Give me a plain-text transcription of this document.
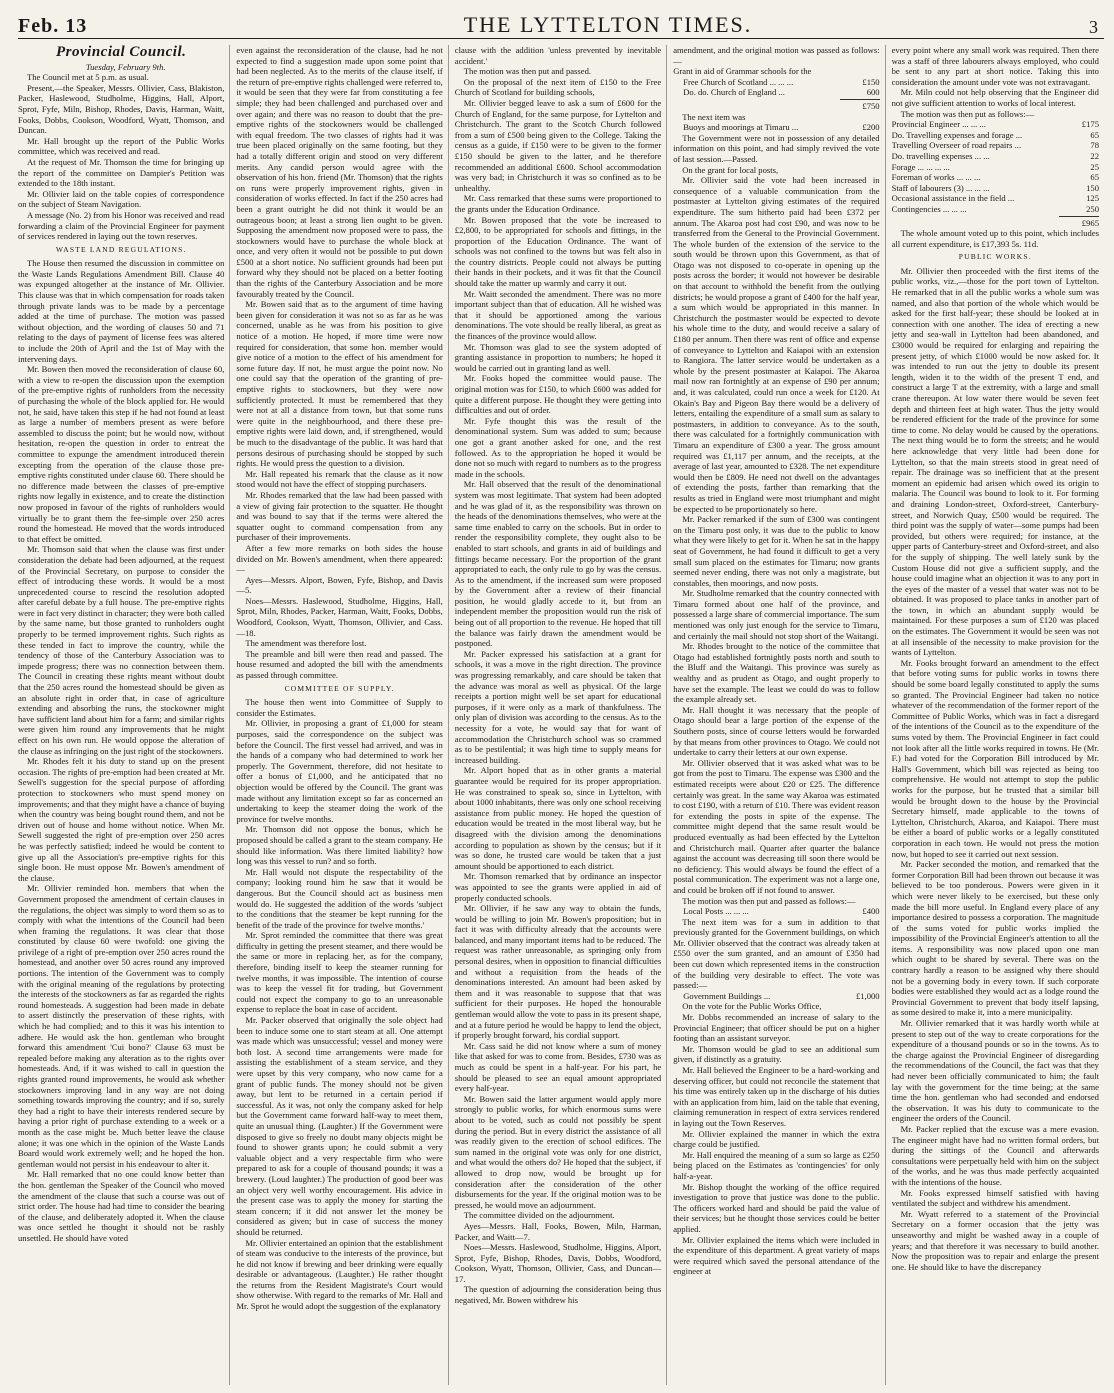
Feb. 13	THE LYTTELTON TIMES.	3
Provincial Council.

Tuesday, February 9th.

The Council met at 5 p.m. as usual.

Present,—the Speaker, Messrs. Ollivier, Cass, Blakiston, Packer, Haslewood, Studholme, Higgins, Hall, Alport, Sprot, Fyfe, Miln, Bishop, Rhodes, Davis, Harman, Waitt, Fooks, Dobbs, Cookson, Woodford, Wyatt, Thomson, and Duncan.

Mr. Hall brought up the report of the Public Works committee, which was received and read.

At the request of Mr. Thomson the time for bringing up the report of the committee on Dampier's Petition was extended to the 18th instant.

Mr. Ollivier laid on the table copies of correspondence on the subject of Steam Navigation.

A message (No. 2) from his Honor was received and read forwarding a claim of the Provincial Engineer for payment of services rendered in laying out the town reserves.

WASTE LAND REGULATIONS.

The House then resumed the discussion in committee on the Waste Lands Regulations Amendment Bill. Clause 40 was expunged altogether at the instance of Mr. Ollivier. This clause was that in which compensation for roads taken through private lands was to be made by a percentage added at the time of purchase. The motion was passed without objection, and the wording of clauses 50 and 71 relating to the days of payment of license fees was altered to include the 20th of April and the 1st of May with the intervening days.

Mr. Bowen then moved the reconsideration of clause 60, with a view to re-open the discussion upon the exemption of the pre-emptive rights of runholders from the necessity of purchasing the whole of the block applied for. He would not, he said, have taken this step if he had not found at least as large a number of members present as were before assembled to discuss the point; but he would now, without hesitation, re-open the question in order to entreat the committee to expunge the amendment introduced therein excepting from the operation of the clause those pre-emptive rights constituted under clause 60. There should be no difference made between the classes of pre-emptive rights now legally in existence, and to create the distinction now proposed in favour of the rights of runholders would virtually be to grant them the fee-simple over 250 acres round the homestead. He moved that the words introduced to that effect be omitted.

Mr. Thomson said that when the clause was first under consideration the debate had been adjourned, at the request of the Provincial Secretary, on purpose to consider the effect of introducing these words. It would be a most unprecedented course to rescind the resolution adopted after careful debate by a full house. The pre-emptive rights were in fact very distinct in character; they were both called by the same name, but those granted to runholders ought properly to be termed improvement rights. Such rights as these tended in fact to improve the country, while the tendency of those of the Canterbury Association was to impede progress; there was no connection between them. The Council in creating these rights meant without doubt that the 250 acres round the homestead should be given as an absolute right in order that, in case of agriculture extending and absorbing the runs, the stockowner might have sufficient land about him for a farm; and similar rights were given him round any improvements that he might effect on his own run. He would oppose the alteration of the clause as infringing on the just right of the stockowners.

Mr. Rhodes felt it his duty to stand up on the present occasion. The rights of pre-emption had been created at Mr. Sewell's suggestion for the special purpose of affording protection to stockowners who must spend money on improvements; and that they might have a chance of buying when the country was being bought round them, and not be driven out of house and home without notice. When Mr. Sewell suggested the right of pre-emption over 250 acres he was perfectly satisfied; indeed he would be content to give up all the Association's pre-emptive rights for this single boon. He must oppose Mr. Bowen's amendment of the clause.

Mr. Ollivier reminded hon. members that when the Government proposed the amendment of certain clauses in the regulations, the object was simply to word them so as to comply with what the intentions of the Council had been when framing the regulations. It was clear that those constituted by clause 60 were twofold: one giving the privilege of a right of pre-emption over 250 acres round the homestead, and another over 50 acres round any improved portions. The intention of the Government was to comply with the original meaning of the regulations by protecting the interests of the stockowners as far as regarded the rights round homesteads. A suggestion had been made in debate to assert distinctly the preservation of these rights, with which he had complied; and to this it was his intention to adhere. He would ask the hon. gentleman who brought forward this amendment 'Cui bono?' Clause 63 must be repealed before making any alteration as to the rights over homesteads. And, if it was wished to call in question the rights granted round improvements, he would ask whether stockowners improving land in any way are not doing something towards improving the country; and if so, surely they had a right to have their interests rendered secure by having a prior right of purchase extending to a week or a month as the case might be. Much better leave the clause alone; it was one which in the opinion of the Waste Lands Board would work extremely well; and he hoped the hon. gentleman would not persist in his endeavour to alter it.

Mr. Hall remarked that no one could know better than the hon. gentleman the Speaker of the Council who moved the amendment of the clause that such a course was out of strict order. The house had had time to consider the bearing of the clause, and deliberately adopted it. When the clause was once settled he thought it should not be rashly unsettled. He should have voted

even against the reconsideration of the clause, had he not expected to find a suggestion made upon some point that had been neglected. As to the merits of the clause itself, if the return of pre-emptive rights challenged were referred to, it would be seen that they were far from constituting a fee simple; they had been challenged and purchased over and over again; and there was no reason to doubt that the pre-emptive rights of the stockowners would be challenged with equal freedom. The two classes of rights had it was true been placed originally on the same footing, but they had a totally different origin and stood on very different merits. Any candid person would agree with the observation of his hon. friend (Mr. Thomson) that the rights on runs were properly improvement rights, given in consideration of works effected. In fact if the 250 acres had been a grant outright he did not think it would be an outrageous boon; at least a strong lien ought to be given. Supposing the amendment now proposed were to pass, the stockowners would have to purchase the whole block at once, and very often it would not be possible to put down £500 at a short notice. No sufficient grounds had been put forward why they should not be placed on a better footing than the rights of the Canterbury Association and be more favourably treated by the Council.

Mr. Bowen said that as to the argument of time having been given for consideration it was not so as far as he was concerned, unable as he was from his position to give notice of a motion. He hoped, if more time were now required for consideration, that some hon. member would give notice of a motion to the effect of his amendment for some future day. If not, he must argue the point now. No one could say that the operation of the granting of pre-emptive rights to stockowners, but they were now sufficiently protected. It must be remembered that they were not at all a distance from town, but that some runs were quite in the neighbourhood, and there these pre-emptive rights were laid down, and, if strengthened, would be much to the disadvantage of the public. It was hard that persons desirous of purchasing should be stopped by such rights. He would press the question to a division.

Mr. Hall repeated his remark that the clause as it now stood would not have the effect of stopping purchasers.

Mr. Rhodes remarked that the law had been passed with a view of giving fair protection to the squatter. He thought and was bound to say that if the terms were altered the squatter ought to command compensation from any purchaser of their improvements.

After a few more remarks on both sides the house divided on Mr. Bowen's amendment, when there appeared:—

Ayes—Messrs. Alport, Bowen, Fyfe, Bishop, and Davis—5.

Noes—Messrs. Haslewood, Studholme, Higgins, Hall, Sprot, Miln, Rhodes, Packer, Harman, Waitt, Fooks, Dobbs, Woodford, Cookson, Wyatt, Thomson, Ollivier, and Cass.—18.

The amendment was therefore lost.

The preamble and bill were then read and passed. The house resumed and adopted the bill with the amendments as passed through committee.

COMMITTEE OF SUPPLY.

The house then went into Committee of Supply to consider the Estimates.

Mr. Ollivier, in proposing a grant of £1,000 for steam purposes, said the correspondence on the subject was before the Council. The first vessel had arrived, and was in the hands of a company who had determined to work her properly. The Government, therefore, did not hesitate to offer a bonus of £1,000, and he anticipated that no objection would be offered by the Council. The grant was made without any limitation except so far as concerned an undertaking to keep the steamer doing the work of the province for twelve months.

Mr. Thomson did not oppose the bonus, which he proposed should be called a grant to the steam company. He should like information. Was there limited liability? how long was this vessel to run? and so forth.

Mr. Hall would not dispute the respectability of the company; looking round him he saw that it would be dangerous. But the Council should act as business men would do. He suggested the addition of the words 'subject to the conditions that the steamer be kept running for the benefit of the trade of the province for twelve months.'

Mr. Sprot reminded the committee that there was great difficulty in getting the present steamer, and there would be the same or more in replacing her, as for the company, therefore, binding itself to keep the steamer running for twelve months, it was impossible. The intention of course was to keep the vessel fit for trading, but Government could not expect the company to go to an unreasonable expense to replace the boat in case of accident.

Mr. Packer observed that originally the sole object had been to induce some one to start steam at all. One attempt was made which was unsuccessful; vessel and money were both lost. A second time arrangements were made for assisting the establishment of a steam service, and they were upset by this very company, who now came for a grant of public funds. The money should not be given away, but lent to be returned in a certain period if successful. As it was, not only the company asked for help but the Government came forward half-way to meet them, quite an unusual thing. (Laughter.) If the Government were disposed to give so freely no doubt many objects might be found to shower grants upon; he could submit a very valuable object and a very respectable firm who were prepared to ask for a couple of thousand pounds; it was a brewery. (Loud laughter.) The production of good beer was an object very well worthy encouragement. His advice in the present case was to apply the money for starting the steam concern; if it did not answer let the money be considered as given; but in case of success the money should be returned.

Mr. Ollivier entertained an opinion that the establishment of steam was conducive to the interests of the province, but he did not know if brewing and beer drinking were equally desirable or advantageous. (Laughter.) He rather thought the returns from the Resident Magistrate's Court would show otherwise. With regard to the remarks of Mr. Hall and Mr. Sprot he would adopt the suggestion of the explanatory

clause with the addition 'unless prevented by inevitable accident.'

The motion was then put and passed.

On the proposal of the next item of £150 to the Free Church of Scotland for building schools,

Mr. Ollivier begged leave to ask a sum of £600 for the Church of England, for the same purpose, for Lyttelton and Christchurch. The grant to the Scotch Church followed from a sum of £500 being given to the College. Taking the census as a guide, if £150 were to be given to the former £150 should be given to the latter, and he therefore recommended an additional £600. School accommodation was very bad; in Christchurch it was so confined as to be unhealthy.

Mr. Cass remarked that these sums were proportioned to the grants under the Education Ordinance.

Mr. Bowen proposed that the vote be increased to £2,800, to be appropriated for schools and fittings, in the proportion of the Education Ordinance. The want of schools was not confined to the towns but was felt also in the country districts. People could not always be putting their hands in their pockets, and it was fit that the Council should take the matter up warmly and carry it out.

Mr. Waitt seconded the amendment. There was no more important subject than that of education. All he wished was that it should be apportioned among the various denominations. The vote should be really liberal, as great as the finances of the province would allow.

Mr. Thomson was glad to see the system adopted of granting assistance in proportion to numbers; he hoped it would be carried out in granting land as well.

Mr. Fooks hoped the committee would pause. The original motion was for £150, to which £600 was added for quite a different purpose. He thought they were getting into difficulties and out of order.

Mr. Fyfe thought this was the result of the denominational system. Sum was added to sum; because one got a grant another asked for one, and the rest followed. As to the appropriation he hoped it would be done not so much with regard to numbers as to the progress made in the schools.

Mr. Hall observed that the result of the denominational system was most legitimate. That system had been adopted and he was glad of it, as the responsibility was thrown on the heads of the denominations themselves, who were at the same time enabled to carry on the schools. But in order to render the responsibility complete, they ought also to be enabled to start schools, and grants in aid of buildings and fittings became necessary. For the proportion of the grant appropriated to each, the only rule to go by was the census. As to the amendment, if the increased sum were proposed by the Government after a review of their financial position, he would gladly accede to it, but from an independent member the proposition would run the risk of being out of all proportion to the revenue. He hoped that till the balance was fairly drawn the amendment would be postponed.

Mr. Packer expressed his satisfaction at a grant for schools, it was a move in the right direction. The province was progressing remarkably, and care should be taken that the advance was moral as well as physical. Of the large receipts a portion might well be set apart for educational purposes, if it were only as a mark of thankfulness. The only plan of division was according to the census. As to the necessity for a vote, he would say that for want of accommodation the Christchurch school was so crammed as to be pestilential; it was high time to supply means for increased building.

Mr. Alport hoped that as in other grants a material guarantee would be required for its proper appropriation. He was constrained to speak so, since in Lyttelton, with about 1000 inhabitants, there was only one school receiving assistance from public money. He hoped the question of education would be treated in the most liberal way, but he disagreed with the division among the denominations according to population as shown by the census; but if it was so done, he trusted care would be taken that a just amount should be apportioned to each district.

Mr. Thomson remarked that by ordinance an inspector was appointed to see the grants were applied in aid of properly conducted schools.

Mr. Ollivier, if he saw any way to obtain the funds, would be willing to join Mr. Bowen's proposition; but in fact it was with difficulty already that the accounts were balanced, and many important items had to be reduced. The request was rather unreasonable, as springing only from personal desires, when in opposition to financial difficulties and without a requisition from the heads of the denominations interested. An amount had been asked by them and it was reasonable to suppose that that was sufficient for their purposes. He hoped the honourable gentleman would allow the vote to pass in its present shape, and at a future period he would be happy to lend the object, if properly brought forward, his cordial support.

Mr. Cass said he did not know where a sum of money like that asked for was to come from. Besides, £730 was as much as could be spent in a half-year. For his part, he should be pleased to see an equal amount appropriated every half-year.

Mr. Bowen said the latter argument would apply more strongly to public works, for which enormous sums were about to be voted, such as could not possibly be spent during the period. But in every district the assistance of all was readily given to the erection of school edifices. The sum named in the original vote was only for one district, and what would the others do? He hoped that the subject, if allowed to drop now, would be brought up for consideration after the consideration of the other disbursements for the year. If the original motion was to be pressed, he would move an adjournment.

The committee divided on the adjournment.

Ayes—Messrs. Hall, Fooks, Bowen, Miln, Harman, Packer, and Waitt—7.

Noes—Messrs. Haslewood, Studholme, Higgins, Alport, Sprot, Fyfe, Bishop, Rhodes, Davis, Dobbs, Woodford, Cookson, Wyatt, Thomson, Ollivier, Cass, and Duncan—17.

The question of adjourning the consideration being thus negatived, Mr. Bowen withdrew his

amendment, and the original motion was passed as follows:—

Grant in aid of Grammar schools for the

Free Church of Scotland ... ... ...	£150
Do. do. Church of England ...	600
£750

The next item was

Buoys and moorings at Timaru ...	£200

The Government were not in possession of any detailed information on this point, and had simply revived the vote of last session.—Passed.

On the grant for local posts,

Mr. Ollivier said the vote had been increased in consequence of a valuable communication from the postmaster at Lyttelton giving estimates of the required expenditure. The sum hitherto paid had been £372 per annum. The Akaroa post had cost £90, and was now to be transferred from the General to the Provincial Government. The whole burden of the extension of the service to the south would be thrown upon this Government, as that of Otago was not disposed to co-operate in opening up the posts across the border; it would not however be desirable on that account to withhold the benefit from the outlying districts; he would propose a grant of £400 for the half year, a sum which would be appropriated in this manner. In Christchurch the postmaster would be expected to devote his whole time to the duty, and would receive a salary of £180 per annum. Then there was rent of office and expense of conveyance to Lyttelton and Kaiapoi with an extension to Rangiora. The latter service would be undertaken as a whole by the present postmaster at Kaiapoi. The Akaroa mail now ran fortnightly at an expense of £90 per annum; and, it was calculated, could run once a week for £120. At Okain's Bay and Pigeon Bay there would be a delivery of letters, entailing the expenditure of a small sum as salary to postmasters, in addition to conveyance. As to the south, there was calculated for a fortnightly communication with Timaru an expenditure of £300 a year. The gross amount required was £1,117 per annum, and the receipts, at the average of last year, amounted to £328. The net expenditure would then be £809. He need not dwell on the advantages of extending the posts, farther than remarking that the results as tried in England were most triumphant and might be expected to be proportionately so here.

Mr. Packer remarked if the sum of £300 was contingent on the Timaru post only, it was due to the public to know what they were likely to get for it. When he sat in the happy seat of Government, he had found it difficult to get a very small sum placed on the estimates for Timaru; now grants seemed never ending, there was not only a magistrate, but constables, then moorings, and now posts.

Mr. Studholme remarked that the country connected with Timaru formed about one half of the province, and possessed a large share of commercial importance. The sum mentioned was only just enough for the service to Timaru, and certainly the mail should not stop short of the Waitangi.

Mr. Rhodes brought to the notice of the committee that Otago had established fortnightly posts north and south to the Bluff and the Waitangi. This province was surely as wealthy and as prudent as Otago, and ought properly to have set the example. The least we could do was to follow the example already set.

Mr. Hall thought it was necessary that the people of Otago should bear a large portion of the expense of the Southern posts, since of course letters would be forwarded by that means from other provinces to Otago. We could not undertake to carry their letters at our own expense.

Mr. Ollivier observed that it was asked what was to be got from the post to Timaru. The expense was £300 and the estimated receipts were about £20 or £25. The difference certainly was great. In the same way Akaroa was estimated to cost £190, with a return of £10. There was evident reason for extending the posts in spite of the expense. The committee might depend that the same result would be produced eventually as had been effected by the Lyttelton and Christchurch mail. Quarter after quarter the balance against the account was decreasing till soon there would be no deficiency. This would always be found the effect of a postal communication. The experiment was not a large one, and could be broken off if not found to answer.

The motion was then put and passed as follows:—

Local Posts ... ... ...	£400

The next item was for a sum in addition to that previously granted for the Government buildings, on which Mr. Ollivier observed that the contract was already taken at £550 over the sum granted, and an amount of £350 had been cut down which represented items in the construction of the building very desirable to effect. The vote was passed:—

Government Buildings ...	£1,000

On the vote for the Public Works Office,

Mr. Dobbs recommended an increase of salary to the Provincial Engineer; that officer should be put on a higher footing than an assistant surveyor.

Mr. Thomson would be glad to see an additional sum given, if distinctly as a gratuity.

Mr. Hall believed the Engineer to be a hard-working and deserving officer, but could not reconcile the statement that his time was entirely taken up in the discharge of his duties with an application from him, laid on the table that evening, claiming remuneration in respect of extra services rendered in laying out the Town Reserves.

Mr. Ollivier explained the manner in which the extra charge could be justified.

Mr. Hall enquired the meaning of a sum so large as £250 being placed on the Estimates as 'contingencies' for only half-a-year.

Mr. Bishop thought the working of the office required investigation to prove that justice was done to the public. The officers worked hard and should be paid the value of their services; but he thought those services could be better applied.

Mr. Ollivier explained the items which were included in the expenditure of this department. A great variety of maps were required which saved the personal attendance of the engineer at

every point where any small work was required. Then there was a staff of three labourers always employed, who could be sent to any part at short notice. Taking this into consideration the amount under vote was not extravagant.

Mr. Miln could not help observing that the Engineer did not give sufficient attention to works of local interest.

The motion was then put as follows:—

Provincial Engineer ... ... ...	£175
Do. Travelling expenses and forage ...	65
Travelling Overseer of road repairs ...	78
Do. travelling expenses ... ...	22
Forage ... ... ... ...	25
Foreman of works ... ... ...	65
Staff of labourers (3) ... ... ...	150
Occasional assistance in the field ...	125
Contingencies ... ... ...	250
£965

The whole amount voted up to this point, which includes all current expenditure, is £17,393 5s. 11d.

PUBLIC WORKS.

Mr. Ollivier then proceeded with the first items of the public works, viz.,—those for the port town of Lyttelton. He remarked that in all the public works a whole sum was named, and also that portion of the whole which would be asked for the first half-year; these should be looked at in connection with one another. The idea of erecting a new jetty and sea-wall in Lyttelton had been abandoned, and £3000 would be required for enlarging and repairing the present jetty, of which £1000 would be now asked for. It was intended to run out the jetty to double its present length, widen it to the width of the present T end, and construct a large T at the extremity, with a large and small crane thereupon. At low water there would be seven feet depth and thirteen feet at high water. Thus the jetty would be rendered efficient for the trade of the province for some time to come. No delay would be caused by the operations. The next thing would be to form the streets; and he would here acknowledge that very little had been done for Lyttelton, so that the main streets stood in great need of repair. The drainage was so inefficient that at the present moment an epidemic had arisen which owed its origin to malaria. The Council was bound to look to it. For forming and draining London-street, Oxford-street, Canterbury-street, and Norwich Quay, £500 would be required. The third point was the supply of water—some pumps had been provided, but others were required; for instance, at the upper parts of Canterbury-street and Oxford-street, and also for the supply of shipping. The well lately sunk by the Custom House did not give a sufficient supply, and the house could imagine what an objection it was to any port in the eyes of the master of a vessel that water was not to be obtained. It was proposed to place tanks in another part of the town, in which an abundant supply would be maintained. For these purposes a sum of £120 was placed on the estimates. The Government it would be seen was not at all insensible of the necessity to make provision for the wants of Lyttelton.

Mr. Fooks brought forward an amendment to the effect that before voting sums for public works in towns there should be some board legally constituted to apply the sums so granted. The Provincial Engineer had taken no notice whatever of the recommendation of the former report of the Committee of Public Works, which was in fact a disregard of the intentions of the Council as to the expenditure of the sums voted by them. The Provincial Engineer in fact could not look after all the little works required in towns. He (Mr. F.) had voted for the Corporation Bill introduced by Mr. Hall's Government, which bill was rejected as being too comprehensive. He would not attempt to stop the public works for the purpose, but he trusted that a similar bill would be brought down to the house by the Provincial Secretary himself, made applicable to the towns of Lyttelton, Christchurch, Akaroa, and Kaiapoi. There must be either a board of public works or a legally constituted corporation in each town. He would not press the motion now, but hoped to see it carried out next session.

Mr. Packer seconded the motion, and remarked that the former Corporation Bill had been thrown out because it was believed to be too ponderous. Powers were given in it which were never likely to be exercised, but these only made the bill more useful. In England every place of any importance desired to possess a corporation. The magnitude of the sums voted for public works implied the impossibility of the Provincial Engineer's attention to all the items. A responsibility was now placed upon one man which ought to be shared by several. There was on the contrary hardly a reason to be assigned why there should not be a governing body in every town. If such corporate bodies were established they would act as a lodge round the Provincial Government to prevent that body itself lapsing, as some desired to make it, into a mere municipality.

Mr. Ollivier remarked that it was hardly worth while at present to step out of the way to create corporations for the expenditure of a thousand pounds or so in the towns. As to the charge against the Provincial Engineer of disregarding the recommendations of the Council, the fact was that they had never been officially communicated to him; the fault lay with the government for the time being; at the same time the hon. gentleman who had seconded and endorsed the observation. It was his duty to communicate to the engineer the orders of the Council.

Mr. Packer replied that the excuse was a mere evasion. The engineer might have had no written formal orders, but during the sittings of the Council and afterwards consultations were perpetually held with him on the subject of the works, and he was thus made perfectly acquainted with the intentions of the house.

Mr. Fooks expressed himself satisfied with having ventilated the subject and withdrew his amendment.

Mr. Wyatt referred to a statement of the Provincial Secretary on a former occasion that the jetty was unseaworthy and might be washed away in a couple of years; and that therefore it was necessary to build another. Now the proposition was to repair and enlarge the present one. He should like to have the discrepancy
